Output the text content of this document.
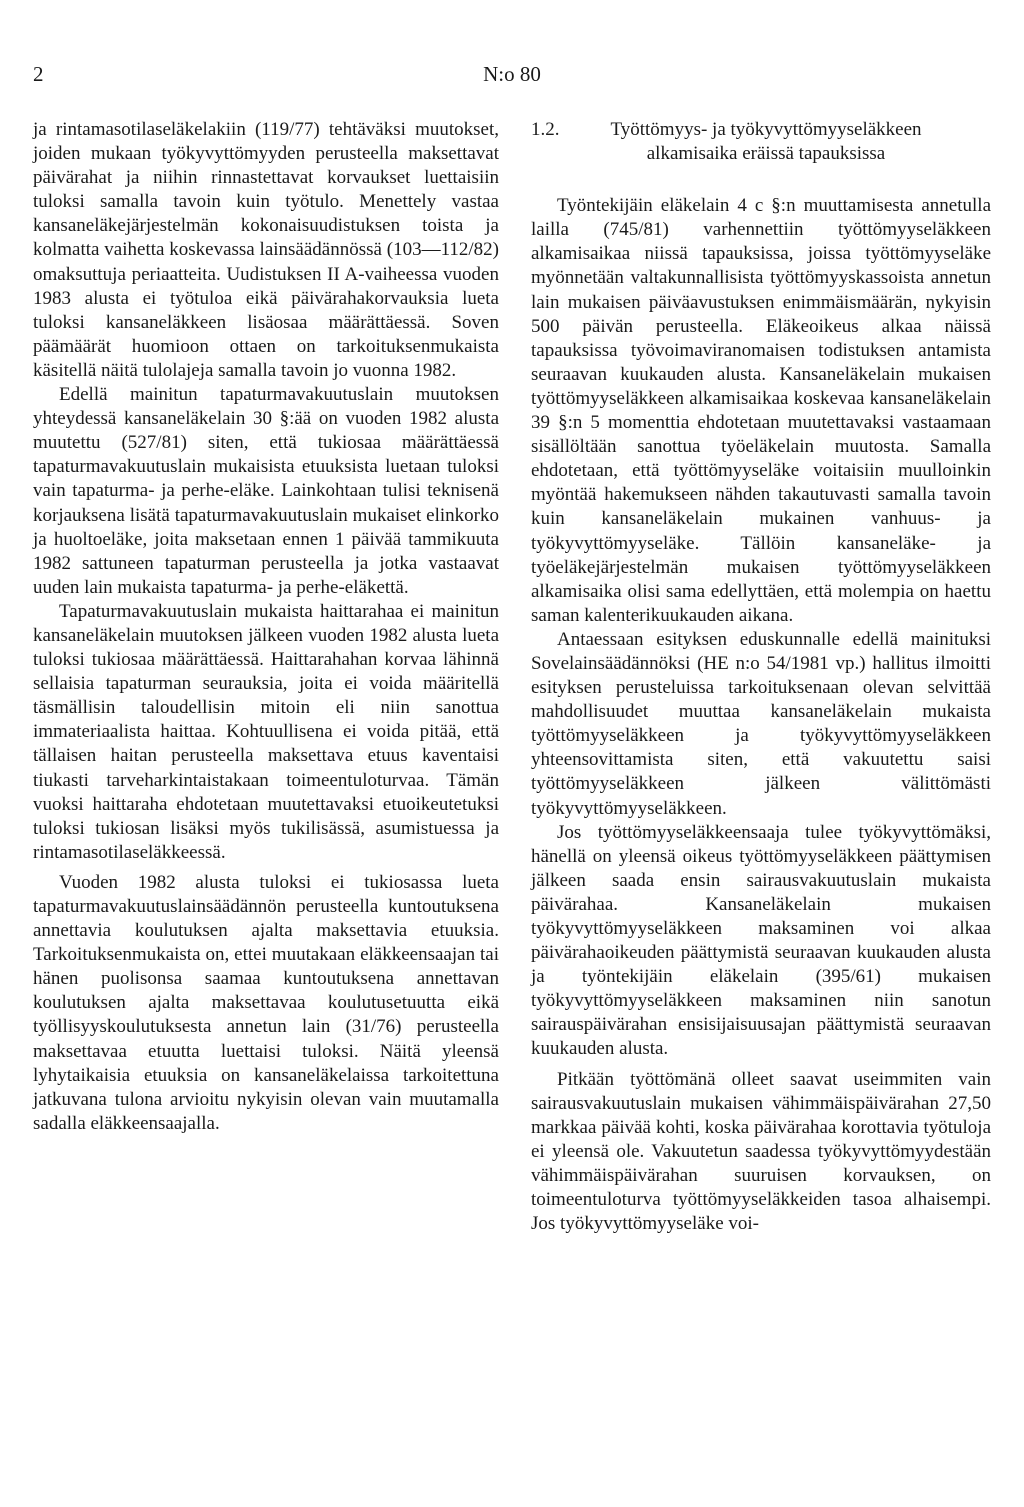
2	N:o 80

ja rintamasotilaseläkelakiin (119/77) tehtäväksi muutokset, joiden mukaan työkyvyttömyyden perusteella maksettavat päivärahat ja niihin rinnastettavat korvaukset luettaisiin tuloksi samalla tavoin kuin työtulo. Menettely vastaa kansaneläkejärjestelmän kokonaisuudistuksen toista ja kolmatta vaihetta koskevassa lainsäädännössä (103—112/82) omaksuttuja periaatteita. Uudistuksen II A-vaiheessa vuoden 1983 alusta ei työtuloa eikä päivärahakorvauksia lueta tuloksi kansaneläkkeen lisäosaa määrättäessä. Soven päämäärät huomioon ottaen on tarkoituksenmukaista käsitellä näitä tulolajeja samalla tavoin jo vuonna 1982.

Edellä mainitun tapaturmavakuutuslain muutoksen yhteydessä kansaneläkelain 30 §:ää on vuoden 1982 alusta muutettu (527/81) siten, että tukiosaa määrättäessä tapaturmavakuutuslain mukaisista etuuksista luetaan tuloksi vain tapaturma- ja perhe-eläke. Lainkohtaan tulisi teknisenä korjauksena lisätä tapaturmavakuutuslain mukaiset elinkorko ja huoltoeläke, joita maksetaan ennen 1 päivää tammikuuta 1982 sattuneen tapaturman perusteella ja jotka vastaavat uuden lain mukaista tapaturma- ja perhe-eläkettä.

Tapaturmavakuutuslain mukaista haittarahaa ei mainitun kansaneläkelain muutoksen jälkeen vuoden 1982 alusta lueta tuloksi tukiosaa määrättäessä. Haittarahahan korvaa lähinnä sellaisia tapaturman seurauksia, joita ei voida määritellä täsmällisin taloudellisin mitoin eli niin sanottua immateriaalista haittaa. Kohtuullisena ei voida pitää, että tällaisen haitan perusteella maksettava etuus kaventaisi tiukasti tarveharkintaistakaan toimeentuloturvaa. Tämän vuoksi haittaraha ehdotetaan muutettavaksi etuoikeutetuksi tuloksi tukiosan lisäksi myös tukilisässä, asumistuessa ja rintamasotilaseläkkeessä.

Vuoden 1982 alusta tuloksi ei tukiosassa lueta tapaturmavakuutuslainsäädännön perusteella kuntoutuksena annettavia koulutuksen ajalta maksettavia etuuksia. Tarkoituksenmukaista on, ettei muutakaan eläkkeensaajan tai hänen puolisonsa saamaa kuntoutuksena annettavan koulutuksen ajalta maksettavaa koulutusetuutta eikä työllisyyskoulutuksesta annetun lain (31/76) perusteella maksettavaa etuutta luettaisi tuloksi. Näitä yleensä lyhytaikaisia etuuksia on kansaneläkelaissa tarkoitettuna jatkuvana tulona arvioitu nykyisin olevan vain muutamalla sadalla eläkkeensaajalla.

1.2.	Työttömyys- ja työkyvyttömyyseläkkeen alkamisaika eräissä tapauksissa

Työntekijäin eläkelain 4 c §:n muuttamisesta annetulla lailla (745/81) varhennettiin työttömyyseläkkeen alkamisaikaa niissä tapauksissa, joissa työttömyyseläke myönnetään valtakunnallisista työttömyyskassoista annetun lain mukaisen päiväavustuksen enimmäismäärän, nykyisin 500 päivän perusteella. Eläkeoikeus alkaa näissä tapauksissa työvoimaviranomaisen todistuksen antamista seuraavan kuukauden alusta. Kansaneläkelain mukaisen työttömyyseläkkeen alkamisaikaa koskevaa kansaneläkelain 39 §:n 5 momenttia ehdotetaan muutettavaksi vastaamaan sisällöltään sanottua työeläkelain muutosta. Samalla ehdotetaan, että työttömyyseläke voitaisiin muulloinkin myöntää hakemukseen nähden takautuvasti samalla tavoin kuin kansaneläkelain mukainen vanhuus- ja työkyvyttömyyseläke. Tällöin kansaneläke- ja työeläkejärjestelmän mukaisen työttömyyseläkkeen alkamisaika olisi sama edellyttäen, että molempia on haettu saman kalenterikuukauden aikana.

Antaessaan esityksen eduskunnalle edellä mainituksi Sovelainsäädännöksi (HE n:o 54/1981 vp.) hallitus ilmoitti esityksen perusteluissa tarkoituksenaan olevan selvittää mahdollisuudet muuttaa kansaneläkelain mukaista työttömyyseläkkeen ja työkyvyttömyyseläkkeen yhteensovittamista siten, että vakuutettu saisi työttömyyseläkkeen jälkeen välittömästi työkyvyttömyyseläkkeen.

Jos työttömyyseläkkeensaaja tulee työkyvyttömäksi, hänellä on yleensä oikeus työttömyyseläkkeen päättymisen jälkeen saada ensin sairausvakuutuslain mukaista päivärahaa. Kansaneläkelain mukaisen työkyvyttömyyseläkkeen maksaminen voi alkaa päivärahaoikeuden päättymistä seuraavan kuukauden alusta ja työntekijäin eläkelain (395/61) mukaisen työkyvyttömyyseläkkeen maksaminen niin sanotun sairauspäivärahan ensisijaisuusajan päättymistä seuraavan kuukauden alusta.

Pitkään työttömänä olleet saavat useimmiten vain sairausvakuutuslain mukaisen vähimmäispäivärahan 27,50 markkaa päivää kohti, koska päivärahaa korottavia työtuloja ei yleensä ole. Vakuutetun saadessa työkyvyttömyydestään vähimmäispäivärahan suuruisen korvauksen, on toimeentuloturva työttömyyseläkkeiden tasoa alhaisempi. Jos työkyvyttömyyseläke voi-
